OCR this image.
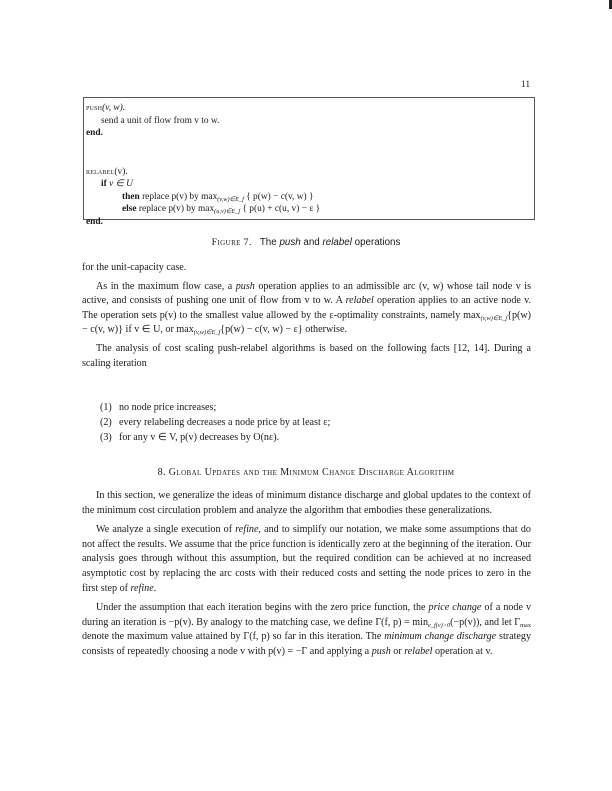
11
push(v, w).
send a unit of flow from v to w.
end.
relabel(v).
if v ∈ U
then replace p(v) by $\max_{(v,w)\in E\_f}$ { p(w) − c(v, w) }
else replace p(v) by $\max_{(u,v)\in E\_f}$ { p(u) + c(u, v) − ε }
end.
Figure 7. The push and relabel operations

for the unit-capacity case.

As in the maximum flow case, a push operation applies to an admissible arc (v, w) whose tail node v is active, and consists of pushing one unit of flow from v to w. A relabel operation applies to an active node v. The operation sets p(v) to the smallest value allowed by the ε-optimality constraints, namely $\max_{(v,w)\in E\_f}\{p(w) - c(v$, w)} if v ∈ U, or $\max_{(v,w)\in E\_f}\{p(w) - c(v$, w) − ε} otherwise.

The analysis of cost scaling push-relabel algorithms is based on the following facts [12, 14]. During a scaling iteration

(1) no node price increases;
(2) every relabeling decreases a node price by at least ε;
(3) for any v ∈ V, p(v) decreases by O(nε).
8. Global Updates and the Minimum Change Discharge Algorithm

In this section, we generalize the ideas of minimum distance discharge and global updates to the context of the minimum cost circulation problem and analyze the algorithm that embodies these generalizations.

We analyze a single execution of refine, and to simplify our notation, we make some assumptions that do not affect the results. We assume that the price function is identically zero at the beginning of the iteration. Our analysis goes through without this assumption, but the required condition can be achieved at no increased asymptotic cost by replacing the arc costs with their reduced costs and setting the node prices to zero in the first step of refine.

Under the assumption that each iteration begins with the zero price function, the price change of a node v during an iteration is −p(v). By analogy to the matching case, we define Γ(f, $p) = \min_{e\_f(v)>0}(-p(v))$, and let $\Gamma_{max}$ denote the maximum value attained by Γ(f, p) so far in this iteration. The minimum change discharge strategy consists of repeatedly choosing a node v with p(v) = −Γ and applying a push or relabel operation at v.
